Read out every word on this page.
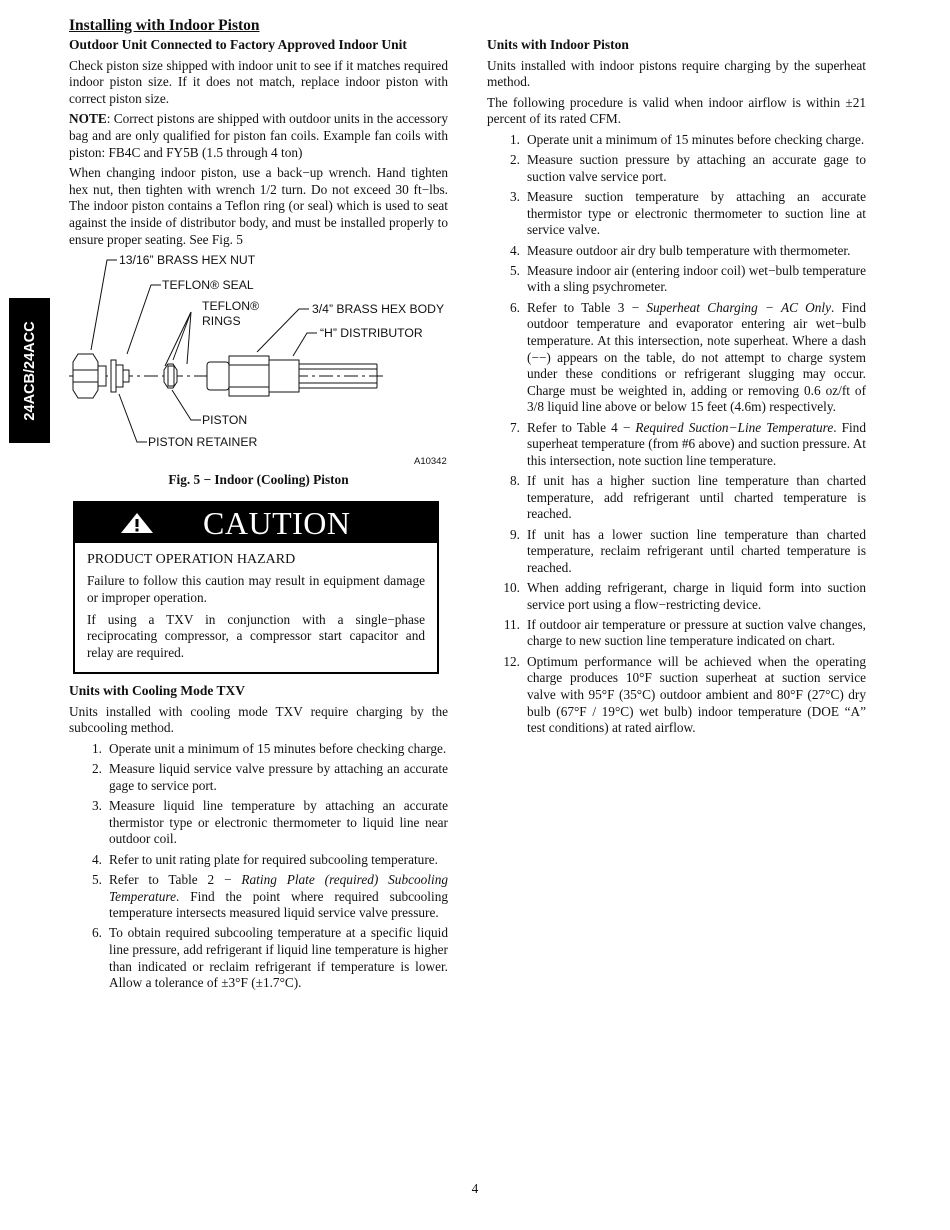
24ACB/24ACC
Installing with Indoor Piston
Outdoor Unit Connected to Factory Approved Indoor Unit

Check piston size shipped with indoor unit to see if it matches required indoor piston size. If it does not match, replace indoor piston with correct piston size.

NOTE: Correct pistons are shipped with outdoor units in the accessory bag and are only qualified for piston fan coils. Example fan coils with piston: FB4C and FY5B (1.5 through 4 ton)

When changing indoor piston, use a back−up wrench. Hand tighten hex nut, then tighten with wrench 1/2 turn. Do not exceed 30 ft−lbs. The indoor piston contains a Teflon ring (or seal) which is used to seat against the inside of distributor body, and must be installed properly to ensure proper seating. See Fig. 5

13/16” BRASS HEX NUT
TEFLON® SEAL
TEFLON®
RINGS
3/4” BRASS HEX BODY
“H” DISTRIBUTOR
PISTON
PISTON RETAINER
A10342
Fig. 5 − Indoor (Cooling) Piston
CAUTION

PRODUCT OPERATION HAZARD

Failure to follow this caution may result in equipment damage or improper operation.

If using a TXV in conjunction with a single−phase reciprocating compressor, a compressor start capacitor and relay are required.

Units with Cooling Mode TXV

Units installed with cooling mode TXV require charging by the subcooling method.

1. Operate unit a minimum of 15 minutes before checking charge.
2. Measure liquid service valve pressure by attaching an accurate gage to service port.
3. Measure liquid line temperature by attaching an accurate thermistor type or electronic thermometer to liquid line near outdoor coil.
4. Refer to unit rating plate for required subcooling temperature.
5. Refer to Table 2 − Rating Plate (required) Subcooling Temperature. Find the point where required subcooling temperature intersects measured liquid service valve pressure.
6. To obtain required subcooling temperature at a specific liquid line pressure, add refrigerant if liquid line temperature is higher than indicated or reclaim refrigerant if temperature is lower. Allow a tolerance of ±3°F (±1.7°C).
Units with Indoor Piston

Units installed with indoor pistons require charging by the superheat method.

The following procedure is valid when indoor airflow is within ±21 percent of its rated CFM.

1. Operate unit a minimum of 15 minutes before checking charge.
2. Measure suction pressure by attaching an accurate gage to suction valve service port.
3. Measure suction temperature by attaching an accurate thermistor type or electronic thermometer to suction line at service valve.
4. Measure outdoor air dry bulb temperature with thermometer.
5. Measure indoor air (entering indoor coil) wet−bulb temperature with a sling psychrometer.
6. Refer to Table 3 − Superheat Charging − AC Only. Find outdoor temperature and evaporator entering air wet−bulb temperature. At this intersection, note superheat. Where a dash (−−) appears on the table, do not attempt to charge system under these conditions or refrigerant slugging may occur. Charge must be weighted in, adding or removing 0.6 oz/ft of 3/8 liquid line above or below 15 feet (4.6m) respectively.
7. Refer to Table 4 − Required Suction−Line Temperature. Find superheat temperature (from #6 above) and suction pressure. At this intersection, note suction line temperature.
8. If unit has a higher suction line temperature than charted temperature, add refrigerant until charted temperature is reached.
9. If unit has a lower suction line temperature than charted temperature, reclaim refrigerant until charted temperature is reached.
10. When adding refrigerant, charge in liquid form into suction service port using a flow−restricting device.
11. If outdoor air temperature or pressure at suction valve changes, charge to new suction line temperature indicated on chart.
12. Optimum performance will be achieved when the operating charge produces 10°F suction superheat at suction service valve with 95°F (35°C) outdoor ambient and 80°F (27°C) dry bulb (67°F / 19°C) wet bulb) indoor temperature (DOE “A” test conditions) at rated airflow.
4
